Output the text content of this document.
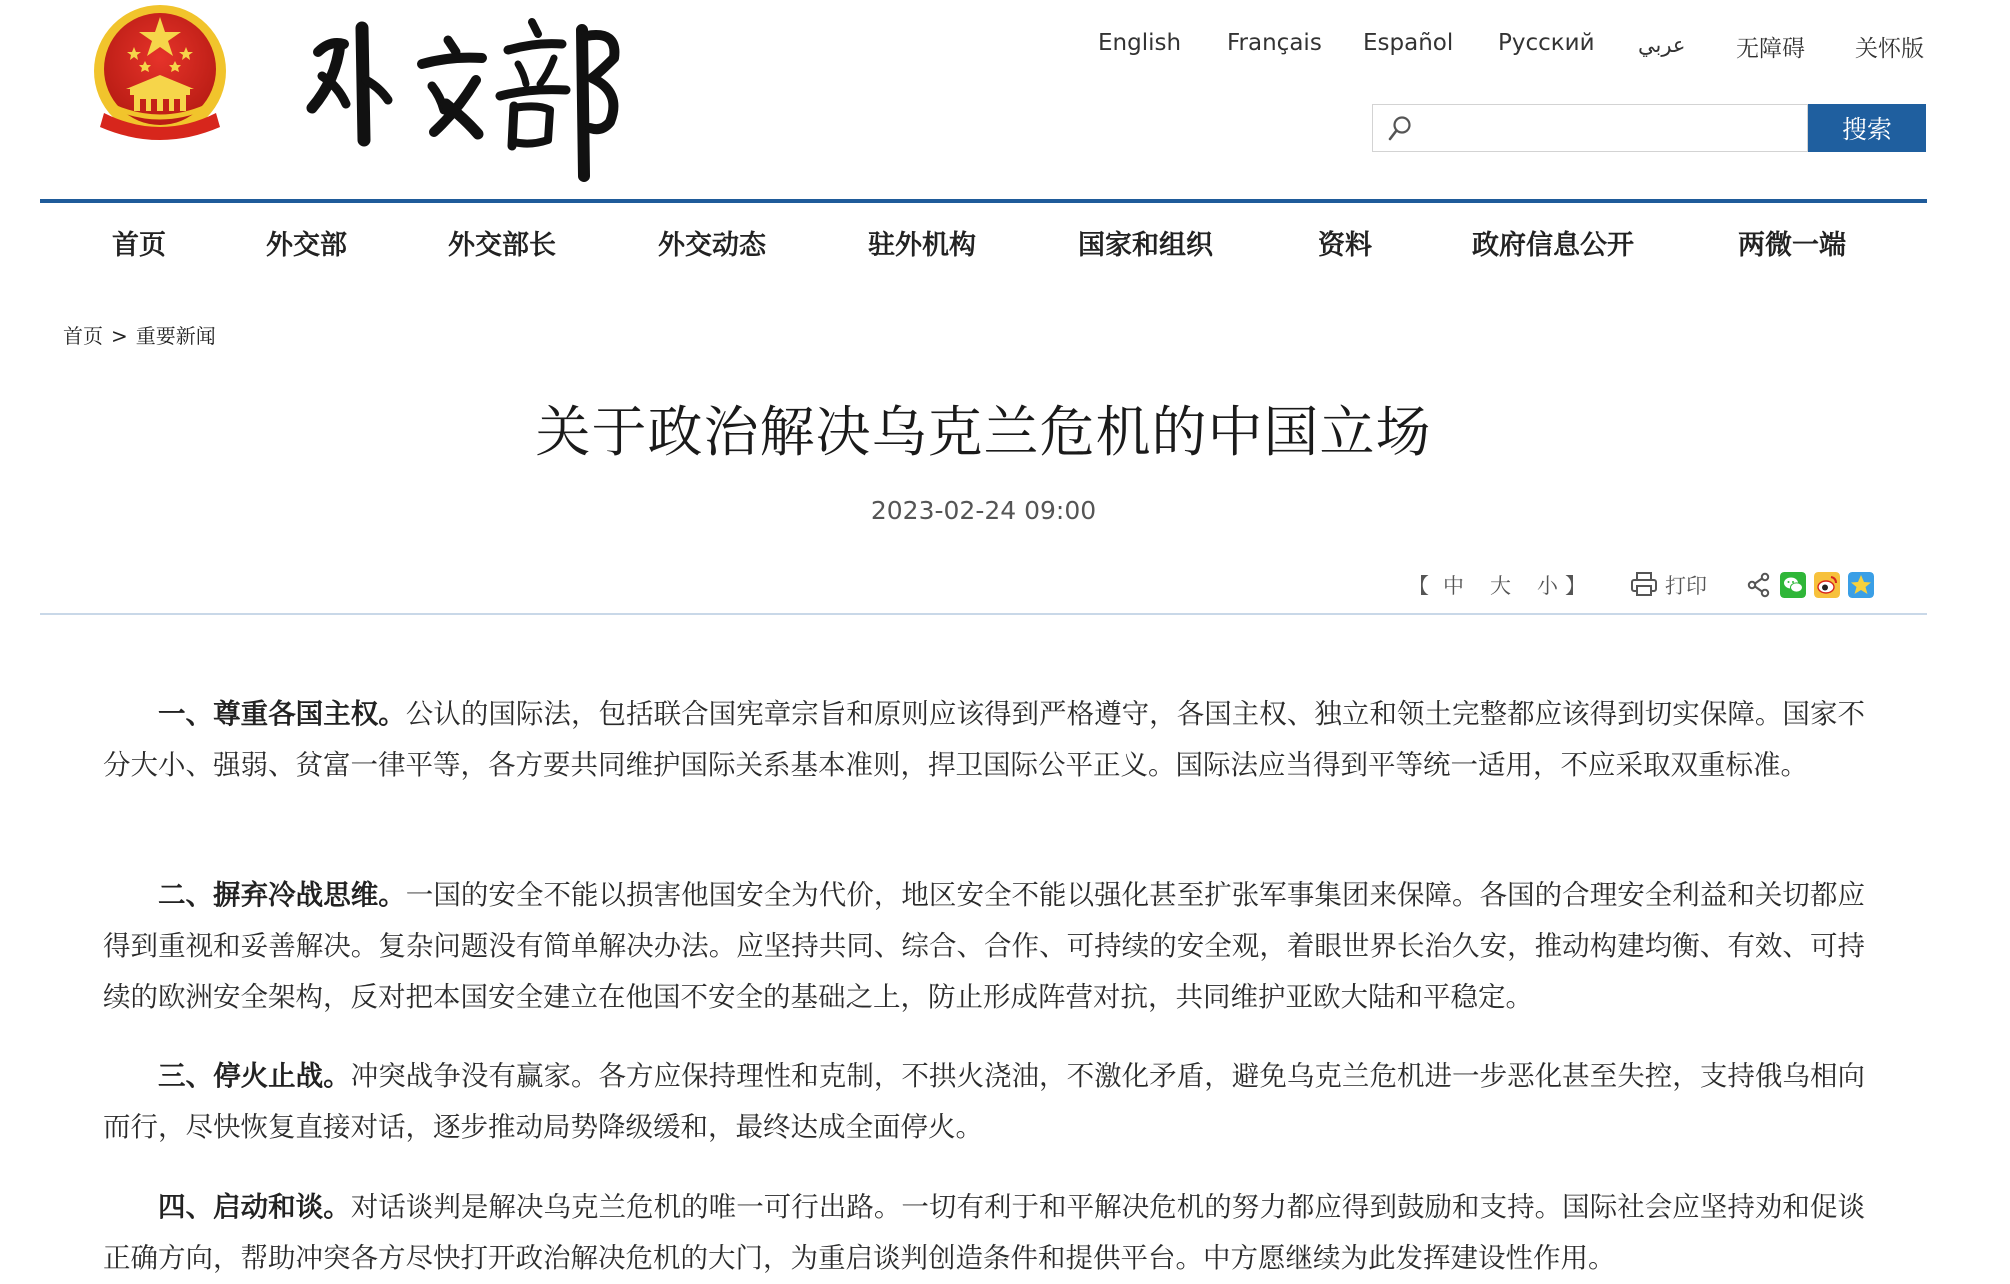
English Français Español Русский عربي 无障碍 关怀版
搜索
首页	外交部	外交部长	外交动态	驻外机构	国家和组织	资料	政府信息公开	两微一端
首页 > 重要新闻
关于政治解决乌克兰危机的中国立场
2023-02-24 09:00
【 中 大 小 】	打印

一、尊重各国主权。公认的国际法，包括联合国宪章宗旨和原则应该得到严格遵守，各国主权、独立和领土完整都应该得到切实保障。国家不分大小、强弱、贫富一律平等，各方要共同维护国际关系基本准则，捍卫国际公平正义。国际法应当得到平等统一适用，不应采取双重标准。

二、摒弃冷战思维。一国的安全不能以损害他国安全为代价，地区安全不能以强化甚至扩张军事集团来保障。各国的合理安全利益和关切都应得到重视和妥善解决。复杂问题没有简单解决办法。应坚持共同、综合、合作、可持续的安全观，着眼世界长治久安，推动构建均衡、有效、可持续的欧洲安全架构，反对把本国安全建立在他国不安全的基础之上，防止形成阵营对抗，共同维护亚欧大陆和平稳定。

三、停火止战。冲突战争没有赢家。各方应保持理性和克制，不拱火浇油，不激化矛盾，避免乌克兰危机进一步恶化甚至失控，支持俄乌相向而行，尽快恢复直接对话，逐步推动局势降级缓和，最终达成全面停火。

四、启动和谈。对话谈判是解决乌克兰危机的唯一可行出路。一切有利于和平解决危机的努力都应得到鼓励和支持。国际社会应坚持劝和促谈正确方向，帮助冲突各方尽快打开政治解决危机的大门，为重启谈判创造条件和提供平台。中方愿继续为此发挥建设性作用。
